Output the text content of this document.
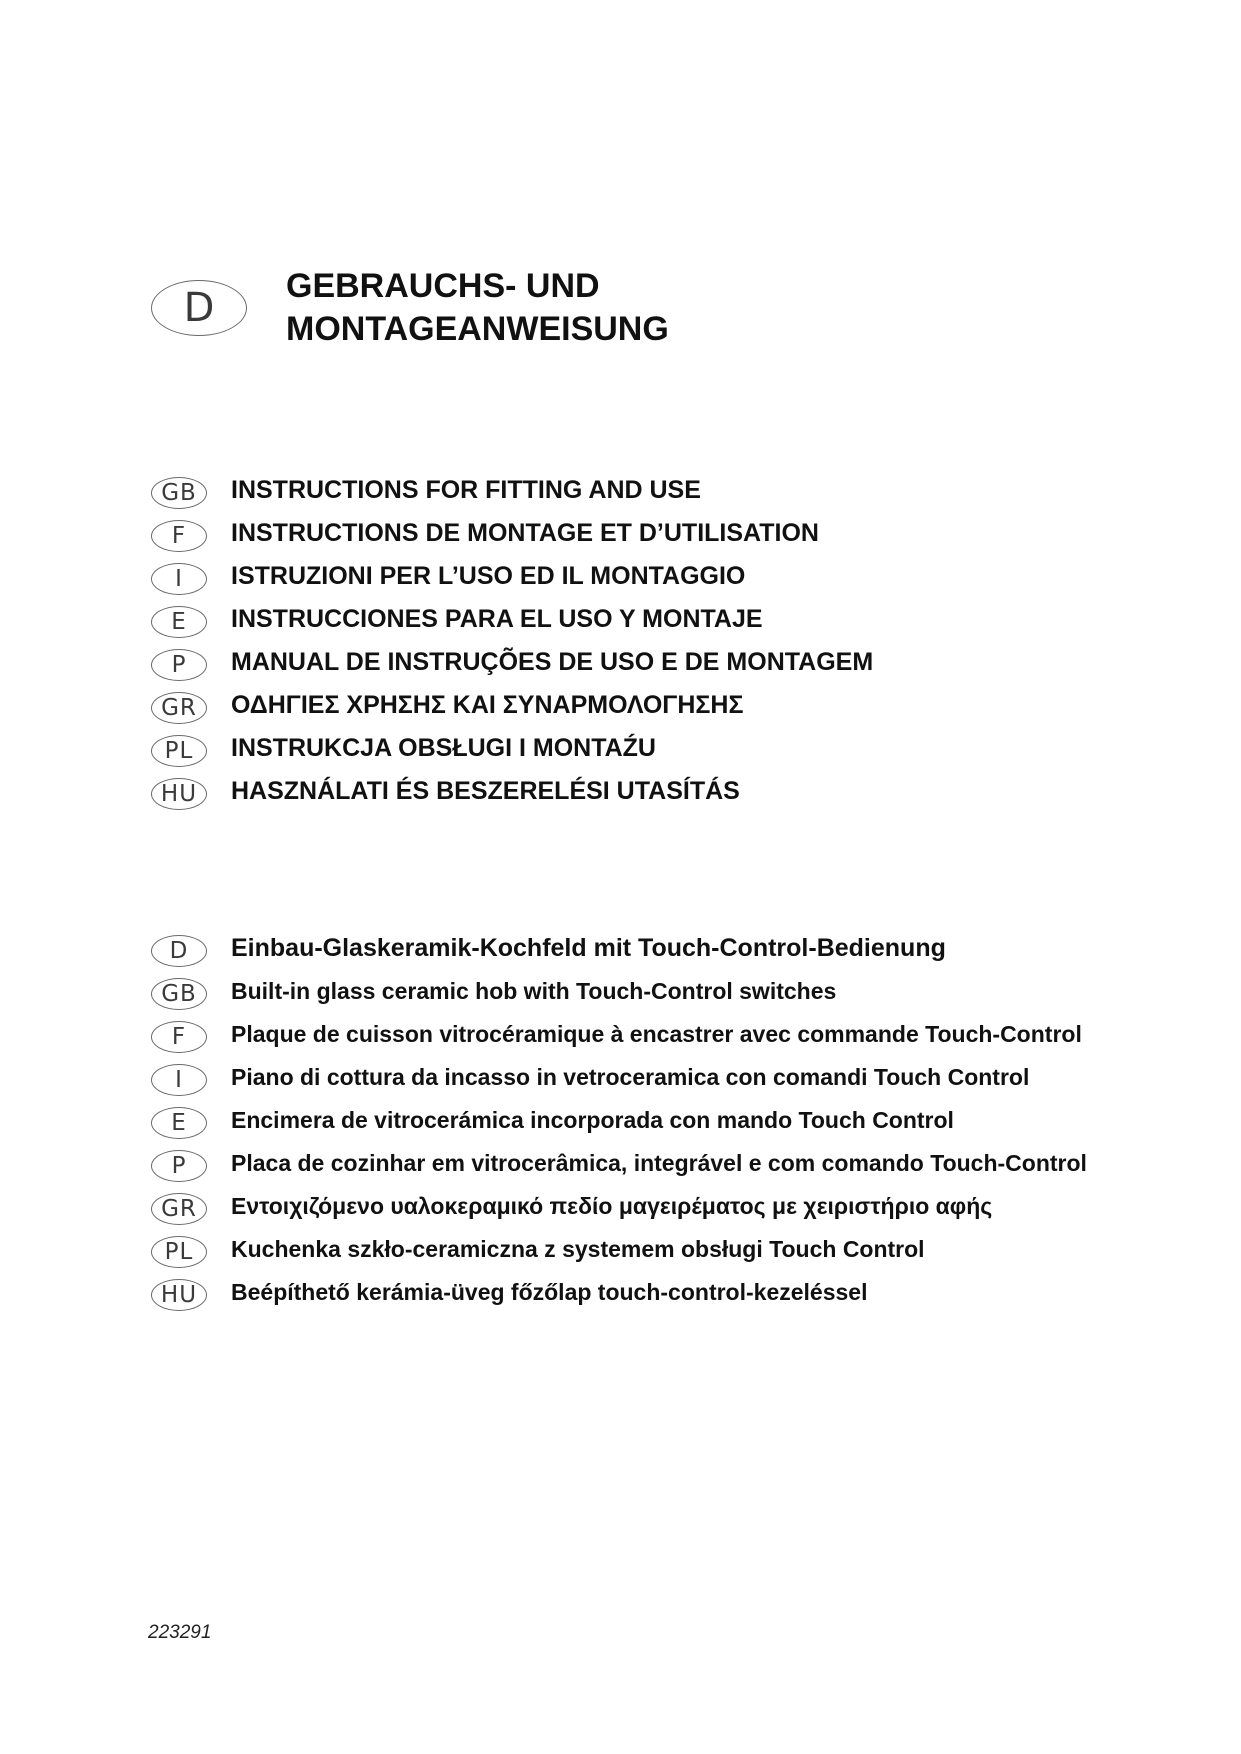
D	GEBRAUCHS- UND
MONTAGEANWEISUNG
GB	INSTRUCTIONS FOR FITTING AND USE
F	INSTRUCTIONS DE MONTAGE ET D’UTILISATION
I	ISTRUZIONI PER L’USO ED IL MONTAGGIO
E	INSTRUCCIONES PARA EL USO Y MONTAJE
P	MANUAL DE INSTRUÇÕES DE USO E DE MONTAGEM
GR	ΟΔΗΓΙΕΣ ΧΡΗΣΗΣ ΚΑΙ ΣΥΝΑΡΜΟΛΟΓΗΣΗΣ
PL	INSTRUKCJA OBSŁUGI I MONTAŹU
HU	HASZNÁLATI ÉS BESZERELÉSI UTASÍTÁS
D	Einbau-Glaskeramik-Kochfeld mit Touch-Control-Bedienung
GB	Built-in glass ceramic hob with Touch-Control switches
F	Plaque de cuisson vitrocéramique à encastrer avec commande Touch-Control
I	Piano di cottura da incasso in vetroceramica con comandi Touch Control
E	Encimera de vitrocerámica incorporada con mando Touch Control
P	Placa de cozinhar em vitrocerâmica, integrável e com comando Touch-Control
GR	Εντοιχιζόμενο υαλοκεραμικό πεδίο μαγειρέματος με χειριστήριο αφής
PL	Kuchenka szkło-ceramiczna z systemem obsługi Touch Control
HU	Beépíthető kerámia-üveg főzőlap touch-control-kezeléssel
223291
